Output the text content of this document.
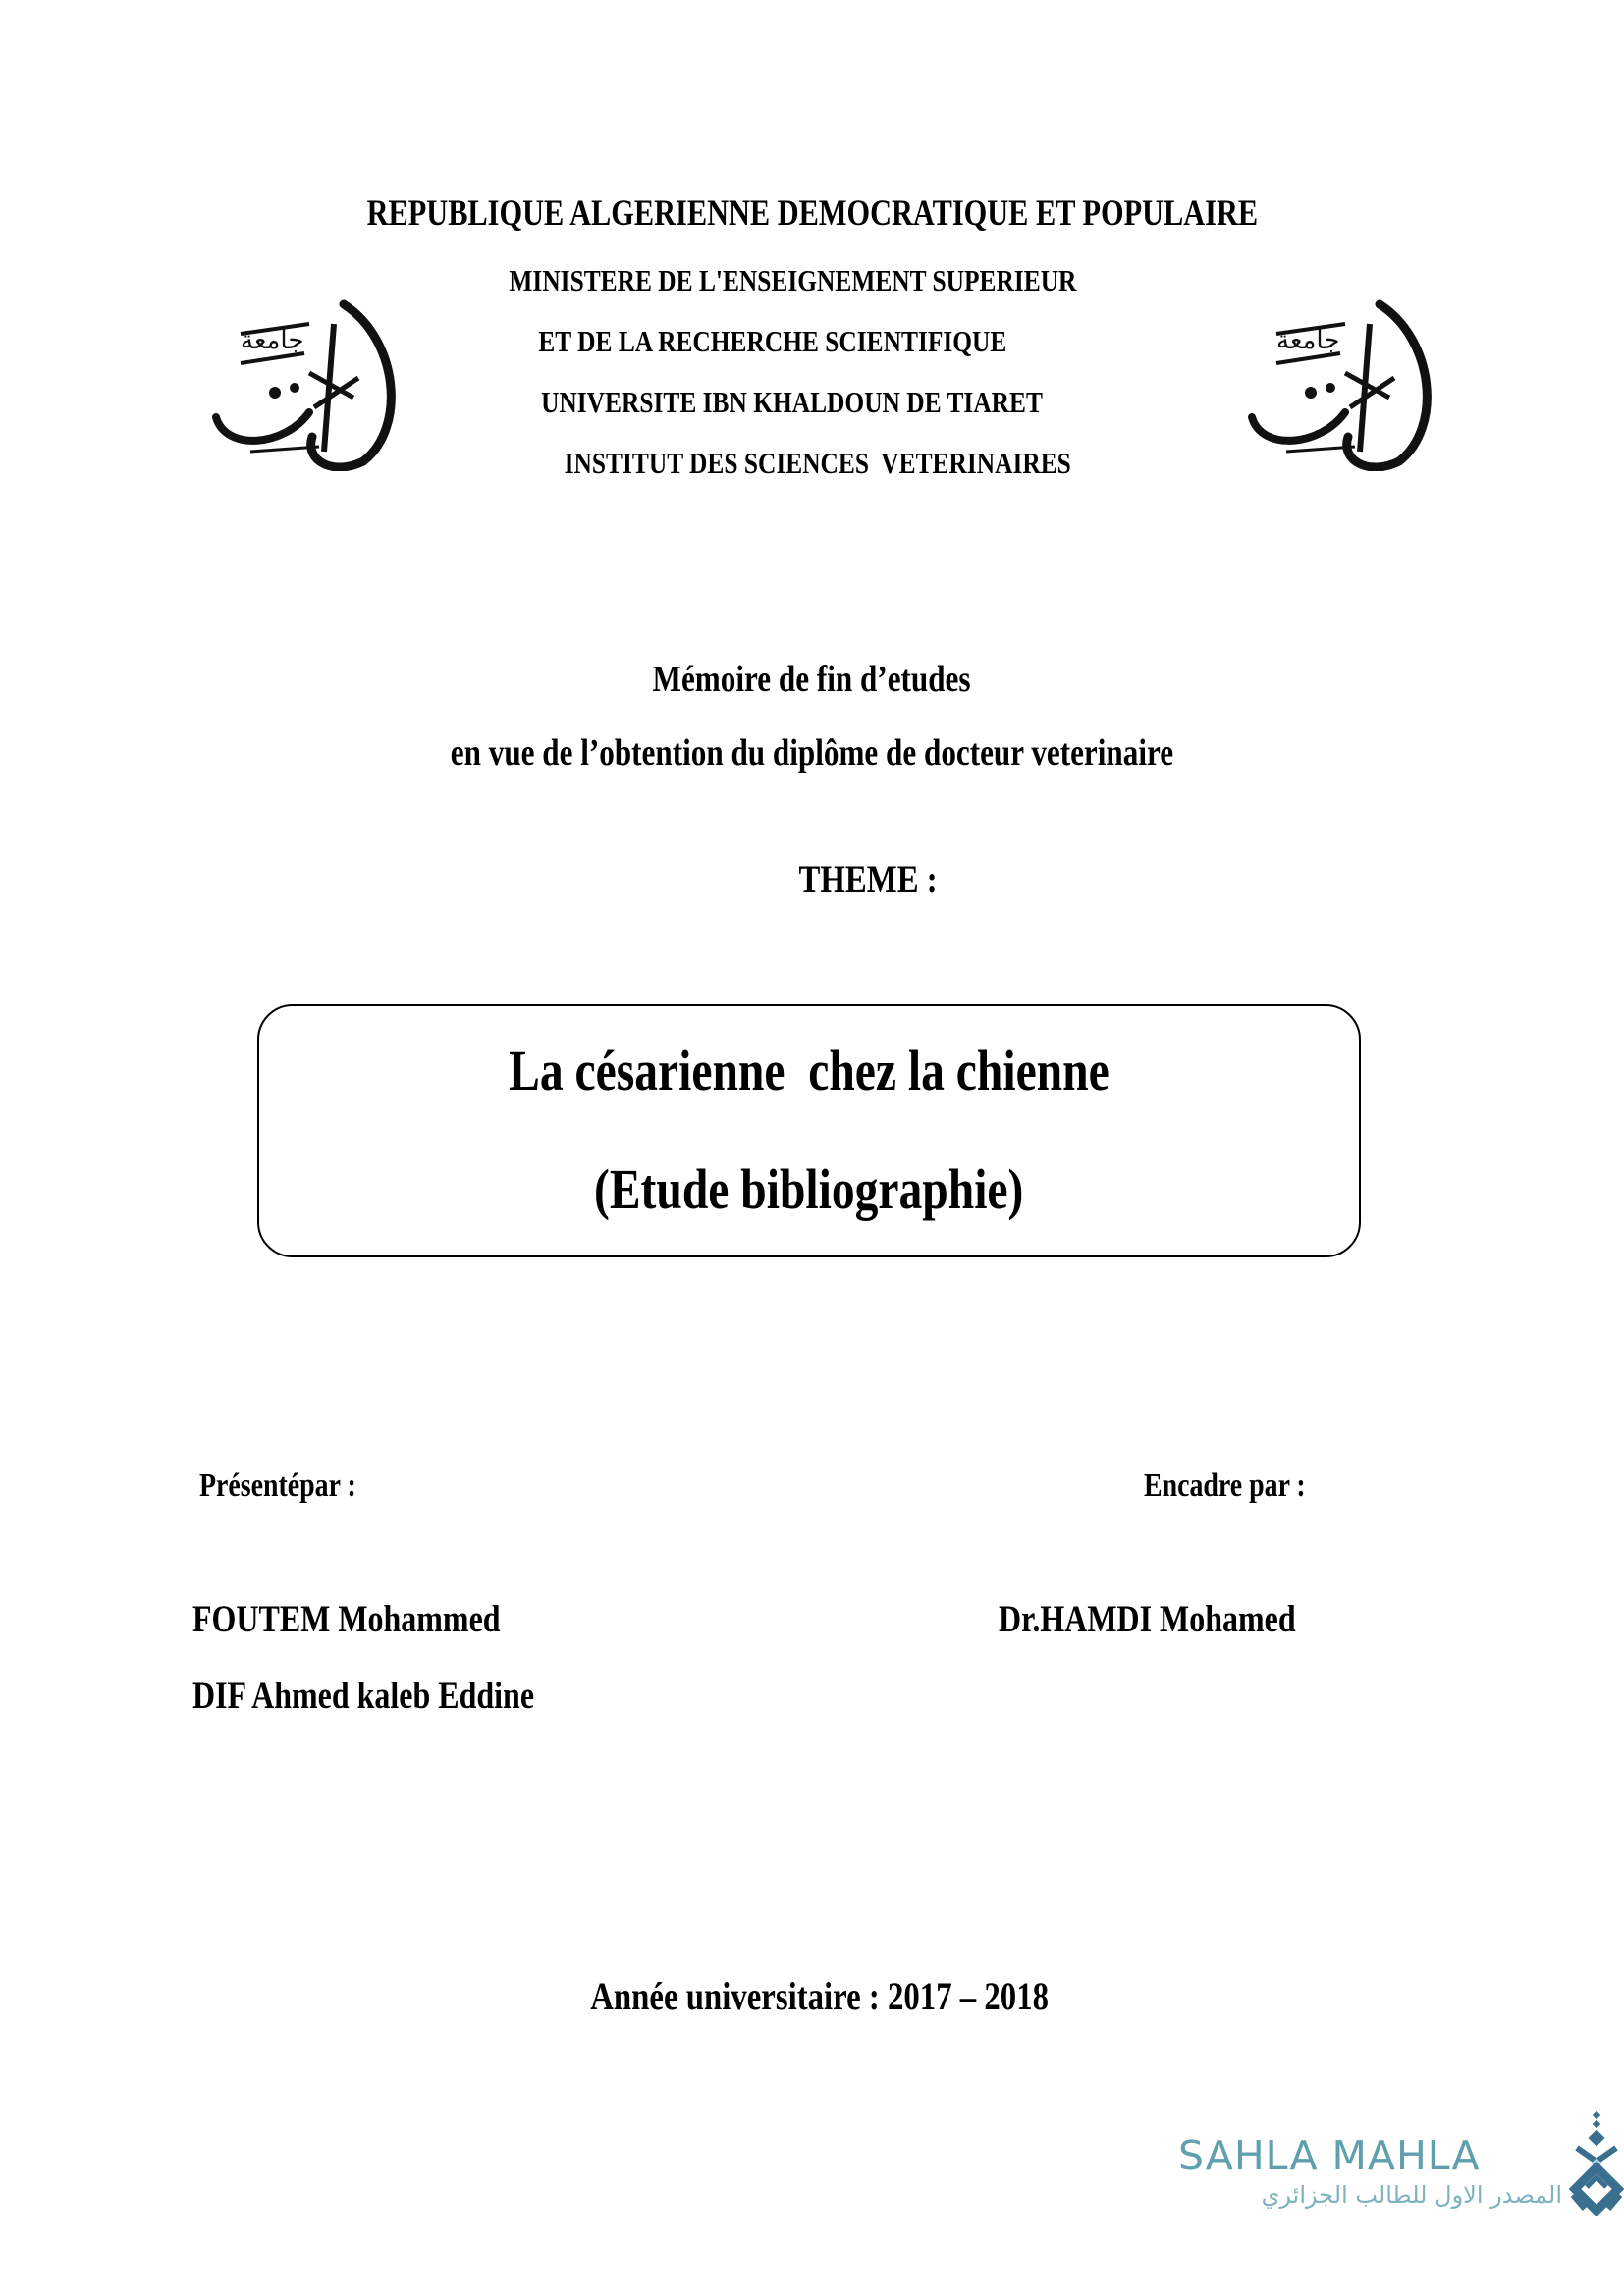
REPUBLIQUE ALGERIENNE DEMOCRATIQUE ET POPULAIRE
MINISTERE DE L'ENSEIGNEMENT SUPERIEUR
ET DE LA RECHERCHE SCIENTIFIQUE
UNIVERSITE IBN KHALDOUN DE TIARET
INSTITUT DES SCIENCES  VETERINAIRES
جامعة	جامعة
Mémoire de fin d’etudes
en vue de l’obtention du diplôme de docteur veterinaire
THEME :
La césarienne  chez la chienne
(Etude bibliographie)
Présentépar :	Encadre par :
FOUTEM Mohammed
DIF Ahmed kaleb Eddine
Dr.HAMDI Mohamed
Année universitaire : 2017 – 2018
SAHLA MAHLA
المصدر الاول للطالب الجزائري
